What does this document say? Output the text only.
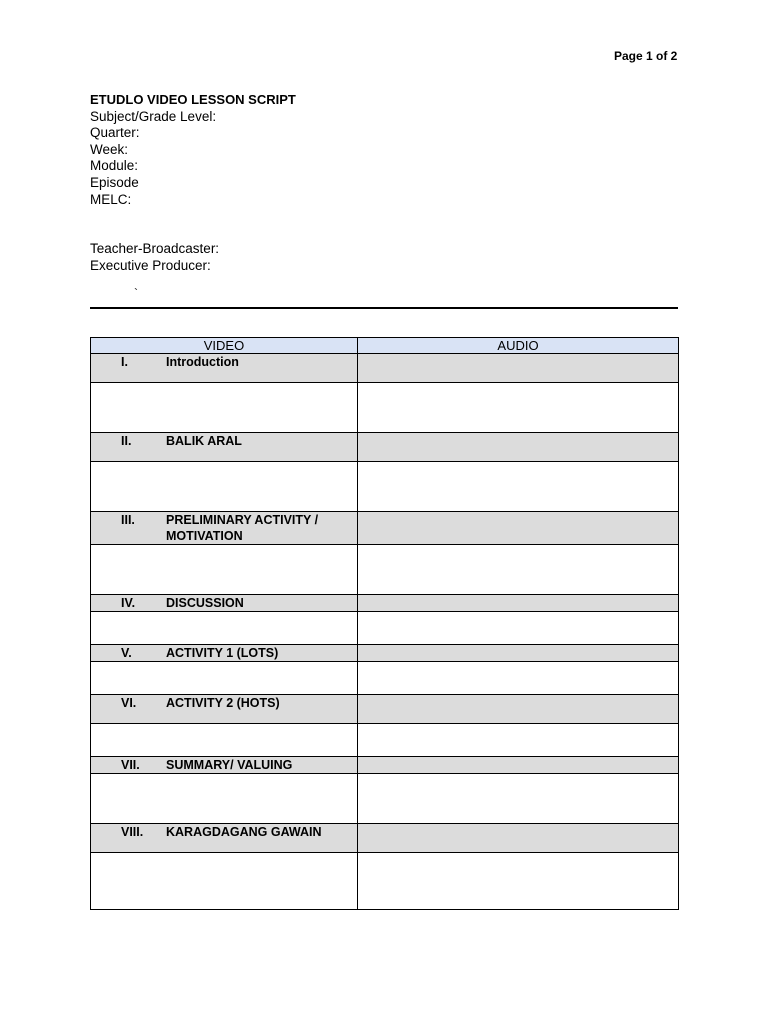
Page 1 of 2
ETUDLO VIDEO LESSON SCRIPT
Subject/Grade Level:
Quarter:
Week:
Module:
Episode
MELC:
Teacher-Broadcaster:
Executive Producer:
`
VIDEO	AUDIO

I. Introduction	

II. BALIK ARAL	

III. PRELIMINARY ACTIVITY / MOTIVATION	

IV. DISCUSSION	

V. ACTIVITY 1 (LOTS)	

VI. ACTIVITY 2 (HOTS)	

VII. SUMMARY/ VALUING	

VIII. KARAGDAGANG GAWAIN	
